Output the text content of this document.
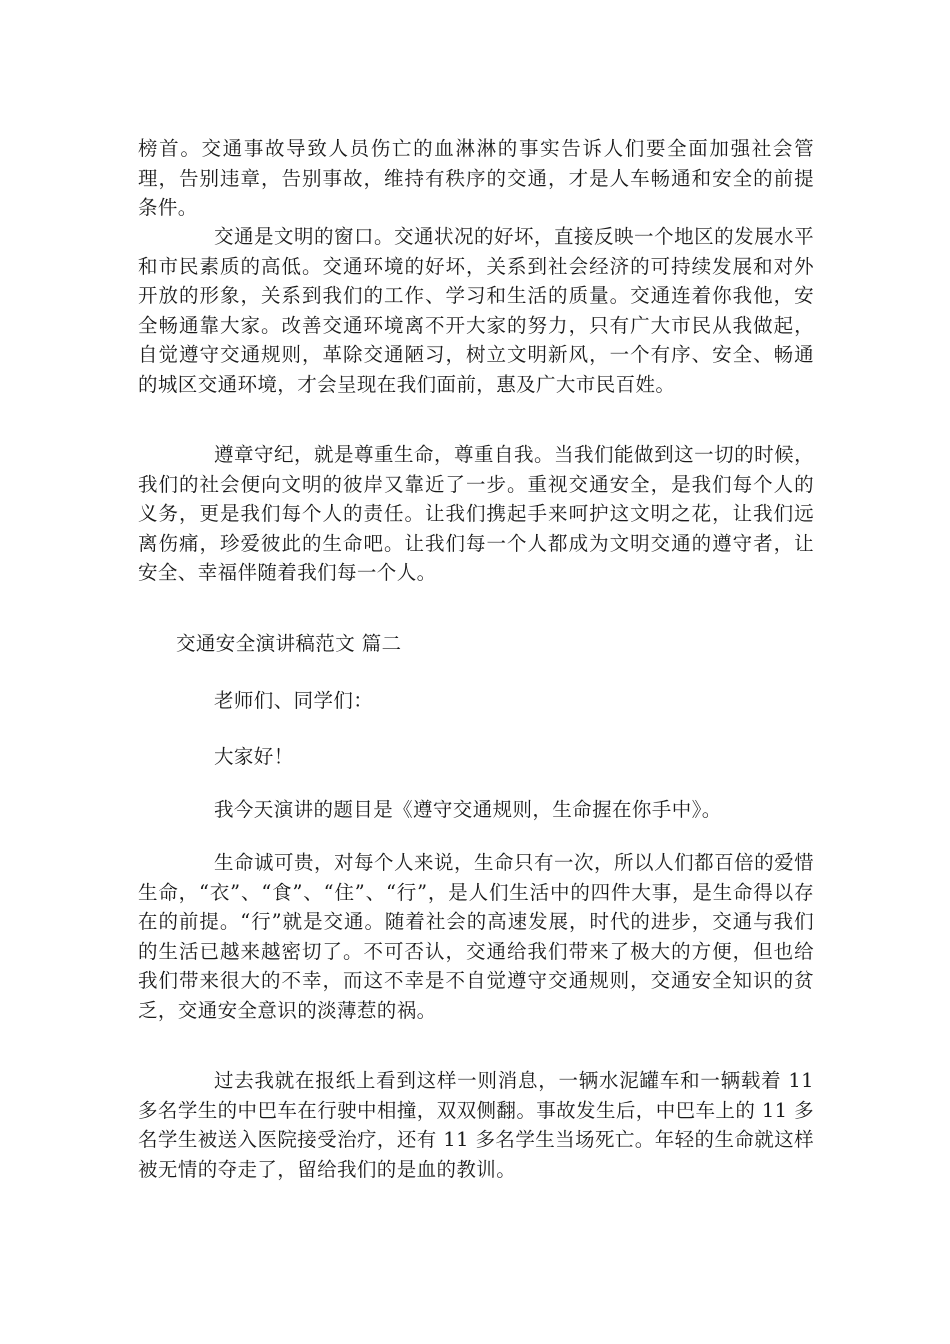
榜首。交通事故导致人员伤亡的血淋淋的事实告诉人们要全面加强社会管理，告别违章，告别事故，维持有秩序的交通，才是人车畅通和安全的前提条件。

交通是文明的窗口。交通状况的好坏，直接反映一个地区的发展水平和市民素质的高低。交通环境的好坏，关系到社会经济的可持续发展和对外开放的形象，关系到我们的工作、学习和生活的质量。交通连着你我他，安全畅通靠大家。改善交通环境离不开大家的努力，只有广大市民从我做起，自觉遵守交通规则，革除交通陋习，树立文明新风，一个有序、安全、畅通的城区交通环境，才会呈现在我们面前，惠及广大市民百姓。

遵章守纪，就是尊重生命，尊重自我。当我们能做到这一切的时候，我们的社会便向文明的彼岸又靠近了一步。重视交通安全，是我们每个人的义务，更是我们每个人的责任。让我们携起手来呵护这文明之花，让我们远离伤痛，珍爱彼此的生命吧。让我们每一个人都成为文明交通的遵守者，让安全、幸福伴随着我们每一个人。

交通安全演讲稿范文 篇二

老师们、同学们：

大家好！

我今天演讲的题目是《遵守交通规则，生命握在你手中》。

生命诚可贵，对每个人来说，生命只有一次，所以人们都百倍的爱惜生命，“衣”、“食”、“住”、“行”，是人们生活中的四件大事，是生命得以存在的前提。“行”就是交通。随着社会的高速发展，时代的进步，交通与我们的生活已越来越密切了。不可否认，交通给我们带来了极大的方便，但也给我们带来很大的不幸，而这不幸是不自觉遵守交通规则，交通安全知识的贫乏，交通安全意识的淡薄惹的祸。

过去我就在报纸上看到这样一则消息，一辆水泥罐车和一辆载着 11 多名学生的中巴车在行驶中相撞，双双侧翻。事故发生后，中巴车上的 11 多名学生被送入医院接受治疗，还有 11 多名学生当场死亡。年轻的生命就这样被无情的夺走了，留给我们的是血的教训。
